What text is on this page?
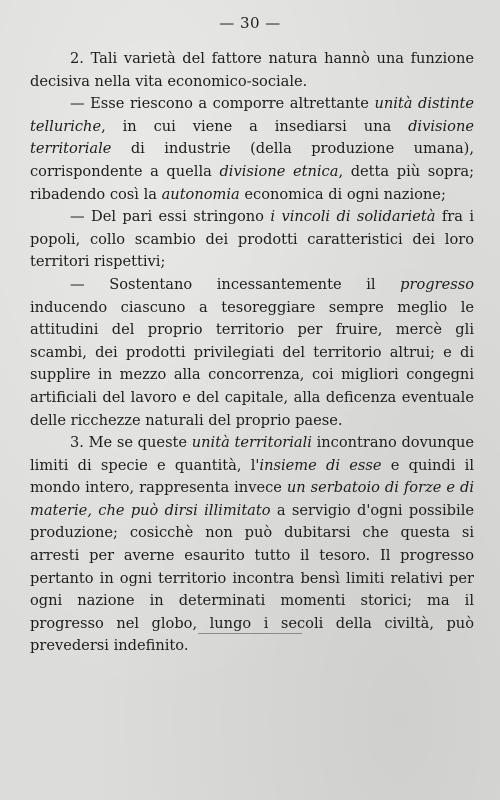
— 30 —

2. Tali varietà del fattore natura hannò una funzione decisiva nella vita economico-sociale.

— Esse riescono a comporre altrettante unità distinte telluriche, in cui viene a insediarsi una divisione territoriale di industrie (della produzione umana), corrispondente a quella divisione etnica, detta più sopra; ribadendo così la autonomia economica di ogni nazione;

— Del pari essi stringono i vincoli di solidarietà fra i popoli, collo scambio dei prodotti caratteristici dei loro territori rispettivi;

— Sostentano incessantemente il progresso inducendo ciascuno a tesoreggiare sempre meglio le attitudini del proprio territorio per fruire, mercè gli scambi, dei prodotti privilegiati del territorio altrui; e di supplire in mezzo alla concorrenza, coi migliori congegni artificiali del lavoro e del capitale, alla deficenza eventuale delle ricchezze naturali del proprio paese.

3. Me se queste unità territoriali incontrano dovunque limiti di specie e quantità, l'insieme di esse e quindi il mondo intero, rappresenta invece un serbatoio di forze e di materie, che può dirsi illimitato a servigio d'ogni possibile produzione; cosicchè non può dubitarsi che questa si arresti per averne esaurito tutto il tesoro. Il progresso pertanto in ogni territorio incontra bensì limiti relativi per ogni nazione in determinati momenti storici; ma il progresso nel globo, lungo i secoli della civiltà, può prevedersi indefinito.
